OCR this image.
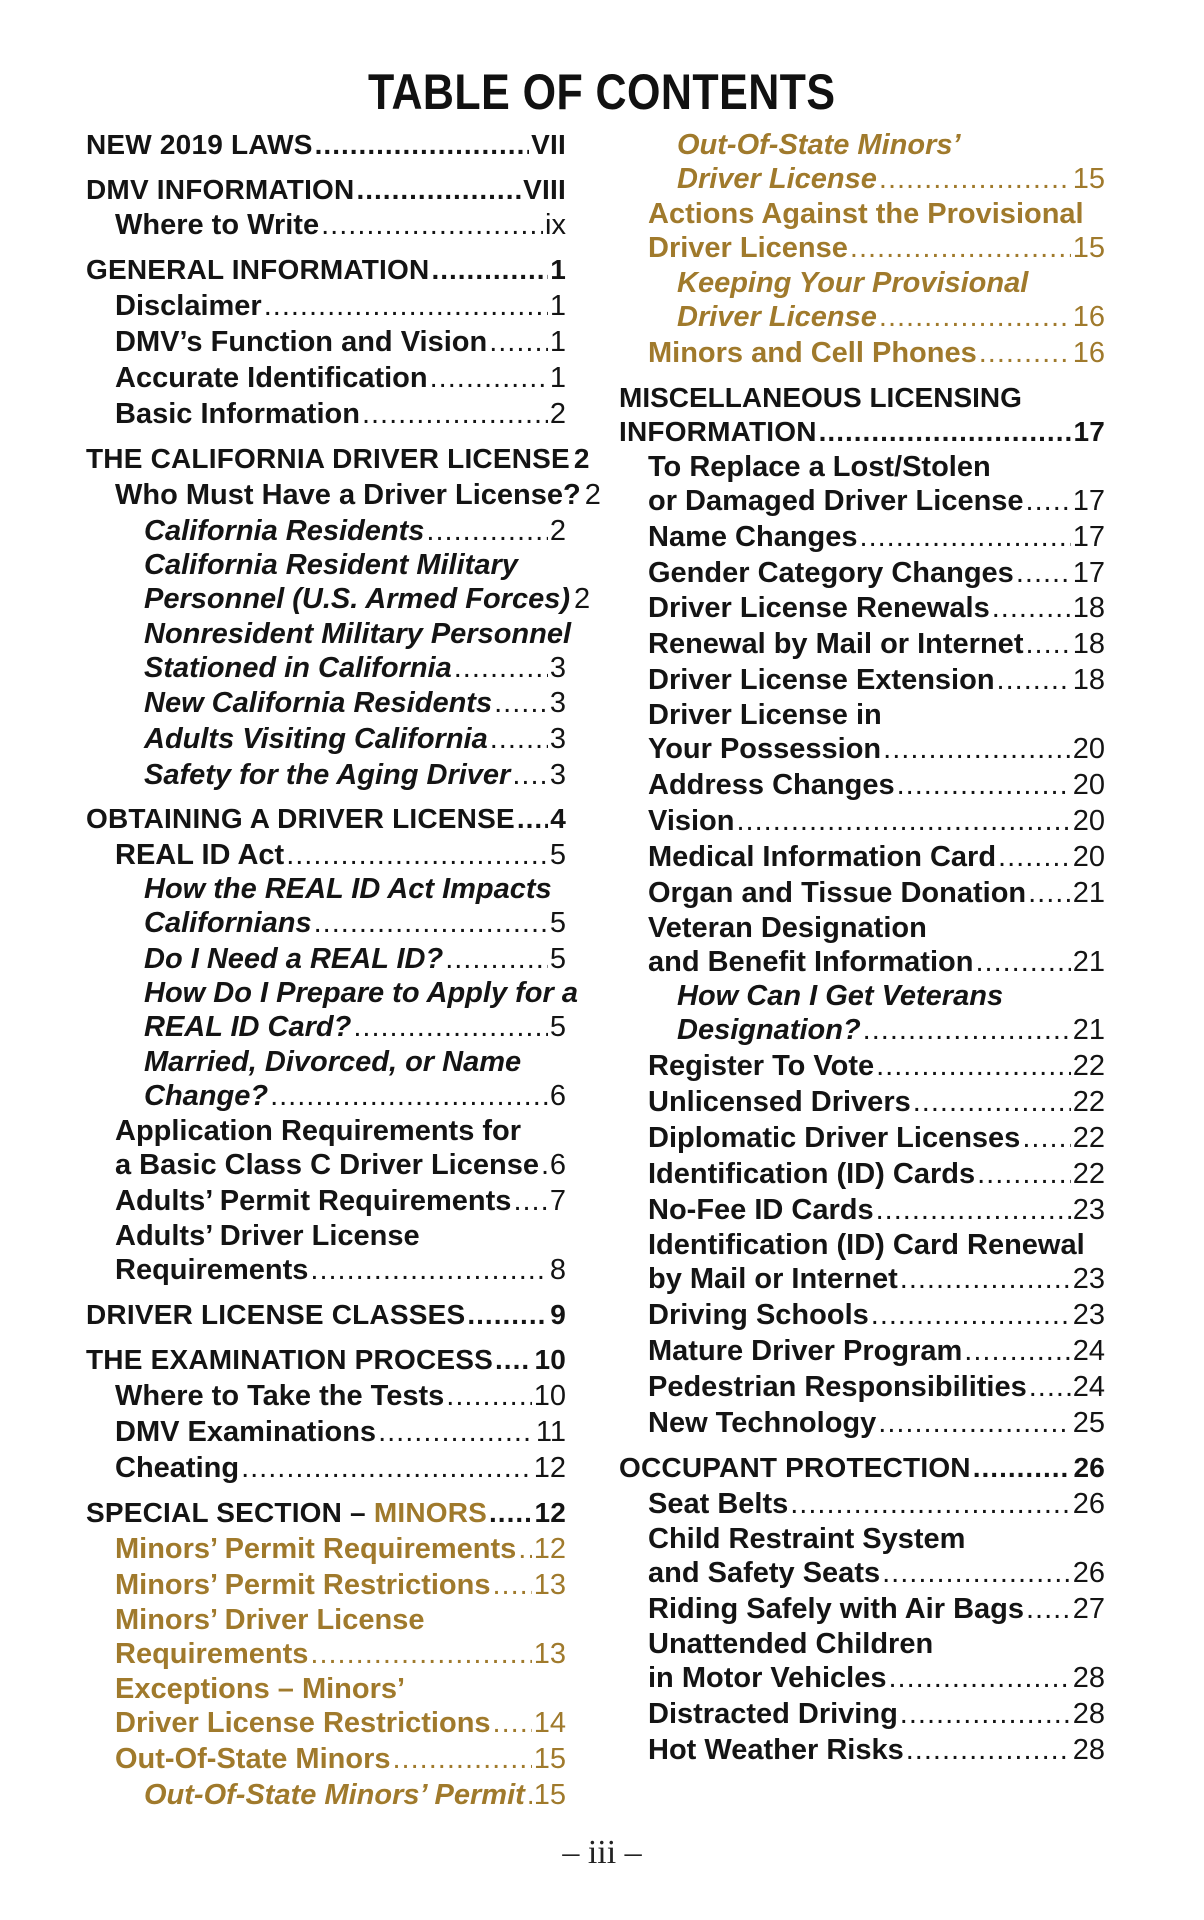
TABLE OF CONTENTS
NEW 2019 LAWS .....	VII
DMV INFORMATION .....	VIII
Where to Write .....	ix
GENERAL INFORMATION .....	1
Disclaimer .....	1
DMV’s Function and Vision ..... 1
Accurate Identification .....	1
Basic Information .....	2
THE CALIFORNIA DRIVER LICENSE 2
Who Must Have a Driver License? 2
California Residents .....	2
California Resident Military
Personnel (U.S. Armed Forces) 2
Nonresident Military Personnel
Stationed in California .....	3
New California Residents ..... 3
Adults Visiting California ..... 3
Safety for the Aging Driver ..... 3
OBTAINING A DRIVER LICENSE ..... 4
REAL ID Act .....	5
How the REAL ID Act Impacts
Californians .....	5
Do I Need a REAL ID? .....	5
How Do I Prepare to Apply for a
REAL ID Card? .....	5
Married, Divorced, or Name
Change? .....	6
Application Requirements for
a Basic Class C Driver License ..... 6
Adults’ Permit Requirements ..... 7
Adults’ Driver License
Requirements .....	8
DRIVER LICENSE CLASSES .....	9
THE EXAMINATION PROCESS ..... 10
Where to Take the Tests .....	10
DMV Examinations .....	11
Cheating .....	12
SPECIAL SECTION – MINORS ..... 12
Minors’ Permit Requirements ..... 12
Minors’ Permit Restrictions ..... 13
Minors’ Driver License
Requirements .....	13
Exceptions – Minors’
Driver License Restrictions ..... 14
Out-Of-State Minors .....	15
Out-Of-State Minors’ Permit ..... 15
Out-Of-State Minors’
Driver License .....	15
Actions Against the Provisional
Driver License .....	15
Keeping Your Provisional
Driver License .....	16
Minors and Cell Phones .....	16
MISCELLANEOUS LICENSING
INFORMATION .....	17
To Replace a Lost/Stolen
or Damaged Driver License ..... 17
Name Changes .....	17
Gender Category Changes ..... 17
Driver License Renewals .....	18
Renewal by Mail or Internet ..... 18
Driver License Extension .....	18
Driver License in
Your Possession .....	20
Address Changes .....	20
Vision .....	20
Medical Information Card .....	20
Organ and Tissue Donation ..... 21
Veteran Designation
and Benefit Information .....	21
How Can I Get Veterans
Designation? .....	21
Register To Vote .....	22
Unlicensed Drivers .....	22
Diplomatic Driver Licenses ..... 22
Identification (ID) Cards .....	22
No-Fee ID Cards .....	23
Identification (ID) Card Renewal
by Mail or Internet .....	23
Driving Schools .....	23
Mature Driver Program .....	24
Pedestrian Responsibilities ..... 24
New Technology .....	25
OCCUPANT PROTECTION .....	26
Seat Belts .....	26
Child Restraint System
and Safety Seats .....	26
Riding Safely with Air Bags ..... 27
Unattended Children
in Motor Vehicles .....	28
Distracted Driving .....	28
Hot Weather Risks .....	28
– iii –
